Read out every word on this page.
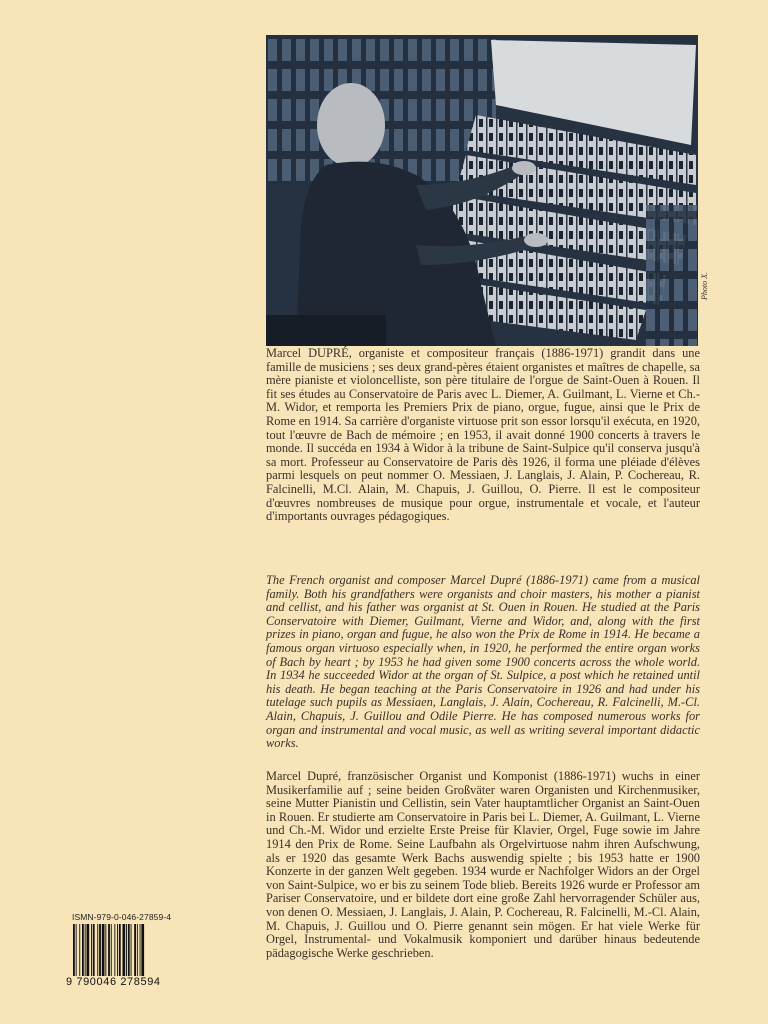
Photo X.

Marcel DUPRÉ, organiste et compositeur français (1886-1971) grandit dans une famille de musiciens ; ses deux grand-pères étaient organistes et maîtres de chapelle, sa mère pianiste et violoncelliste, son père titulaire de l'orgue de Saint-Ouen à Rouen. Il fit ses études au Conservatoire de Paris avec L. Diemer, A. Guilmant, L. Vierne et Ch.-M. Widor, et remporta les Premiers Prix de piano, orgue, fugue, ainsi que le Prix de Rome en 1914. Sa carrière d'organiste virtuose prit son essor lorsqu'il exécuta, en 1920, tout l'œuvre de Bach de mémoire ; en 1953, il avait donné 1900 concerts à travers le monde. Il succéda en 1934 à Widor à la tribune de Saint-Sulpice qu'il conserva jusqu'à sa mort. Professeur au Conservatoire de Paris dès 1926, il forma une pléiade d'élèves parmi lesquels on peut nommer O. Messiaen, J. Langlais, J. Alain, P. Cochereau, R. Falcinelli, M.Cl. Alain, M. Chapuis, J. Guillou, O. Pierre. Il est le compositeur d'œuvres nombreuses de musique pour orgue, instrumentale et vocale, et l'auteur d'importants ouvrages pédagogiques.

The French organist and composer Marcel Dupré (1886-1971) came from a musical family. Both his grandfathers were organists and choir masters, his mother a pianist and cellist, and his father was organist at St. Ouen in Rouen. He studied at the Paris Conservatoire with Diemer, Guilmant, Vierne and Widor, and, along with the first prizes in piano, organ and fugue, he also won the Prix de Rome in 1914. He became a famous organ virtuoso especially when, in 1920, he performed the entire organ works of Bach by heart ; by 1953 he had given some 1900 concerts across the whole world. In 1934 he succeeded Widor at the organ of St. Sulpice, a post which he retained until his death. He began teaching at the Paris Conservatoire in 1926 and had under his tutelage such pupils as Messiaen, Langlais, J. Alain, Cochereau, R. Falcinelli, M.-Cl. Alain, Chapuis, J. Guillou and Odile Pierre. He has composed numerous works for organ and instrumental and vocal music, as well as writing several important didactic works.

Marcel Dupré, französischer Organist und Komponist (1886-1971) wuchs in einer Musikerfamilie auf ; seine beiden Großväter waren Organisten und Kirchenmusiker, seine Mutter Pianistin und Cellistin, sein Vater hauptamtlicher Organist an Saint-Ouen in Rouen. Er studierte am Conservatoire in Paris bei L. Diemer, A. Guilmant, L. Vierne und Ch.-M. Widor und erzielte Erste Preise für Klavier, Orgel, Fuge sowie im Jahre 1914 den Prix de Rome. Seine Laufbahn als Orgelvirtuose nahm ihren Aufschwung, als er 1920 das gesamte Werk Bachs auswendig spielte ; bis 1953 hatte er 1900 Konzerte in der ganzen Welt gegeben. 1934 wurde er Nachfolger Widors an der Orgel von Saint-Sulpice, wo er bis zu seinem Tode blieb. Bereits 1926 wurde er Professor am Pariser Conservatoire, und er bildete dort eine große Zahl hervorragender Schüler aus, von denen O. Messiaen, J. Langlais, J. Alain, P. Cochereau, R. Falcinelli, M.-Cl. Alain, M. Chapuis, J. Guillou und O. Pierre genannt sein mögen. Er hat viele Werke für Orgel, Instrumental- und Vokalmusik komponiert und darüber hinaus bedeutende pädagogische Werke geschrieben.

ISMN-979-0-046-27859-4
9 790046 278594
